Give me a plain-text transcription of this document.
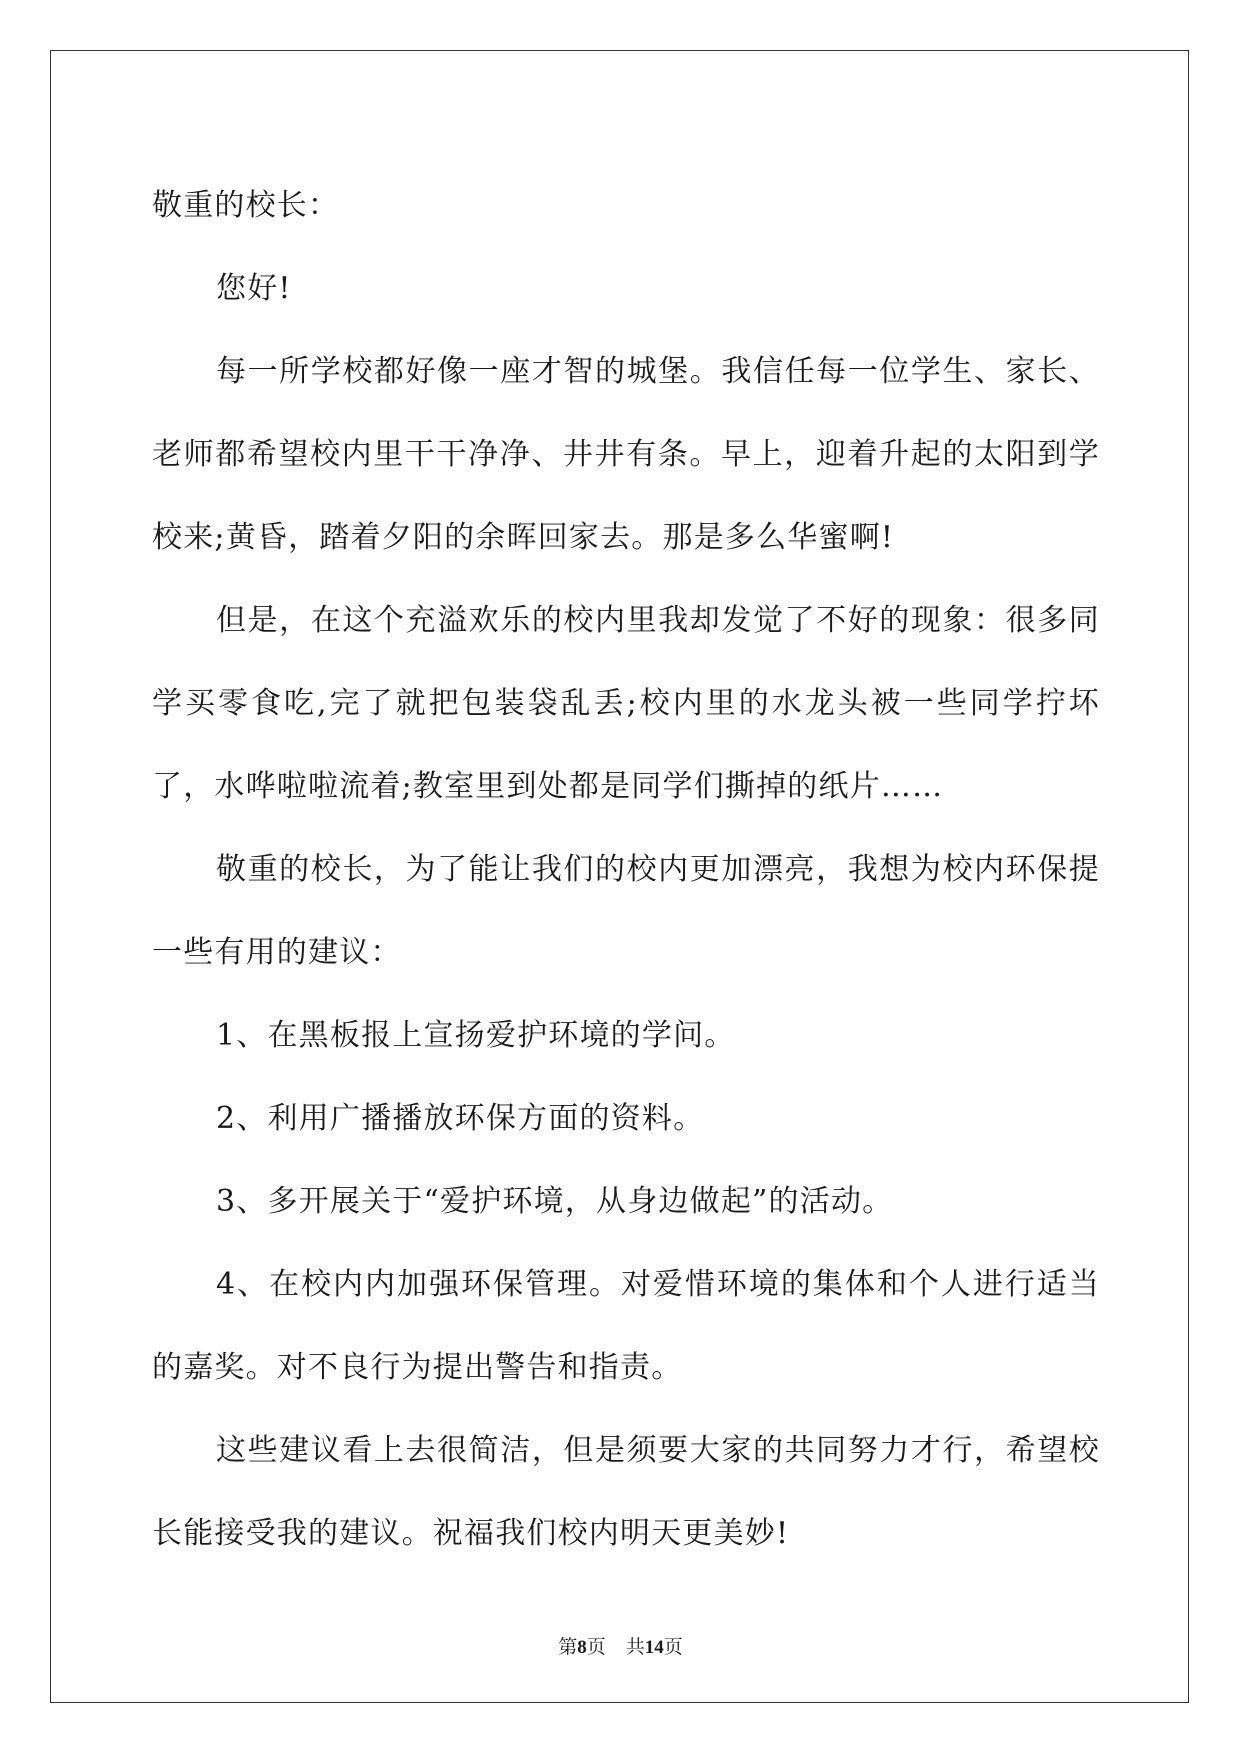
敬重的校长：

您好!

每一所学校都好像一座才智的城堡。我信任每一位学生、家长、老师都希望校内里干干净净、井井有条。早上，迎着升起的太阳到学校来;黄昏，踏着夕阳的余晖回家去。那是多么华蜜啊!

但是，在这个充溢欢乐的校内里我却发觉了不好的现象：很多同学买零食吃,完了就把包装袋乱丢;校内里的水龙头被一些同学拧坏了，水哗啦啦流着;教室里到处都是同学们撕掉的纸片……

敬重的校长，为了能让我们的校内更加漂亮，我想为校内环保提一些有用的建议：

1、在黑板报上宣扬爱护环境的学问。

2、利用广播播放环保方面的资料。

3、多开展关于“爱护环境，从身边做起”的活动。

4、在校内内加强环保管理。对爱惜环境的集体和个人进行适当的嘉奖。对不良行为提出警告和指责。

这些建议看上去很简洁，但是须要大家的共同努力才行，希望校长能接受我的建议。祝福我们校内明天更美妙!

第8页 共14页
